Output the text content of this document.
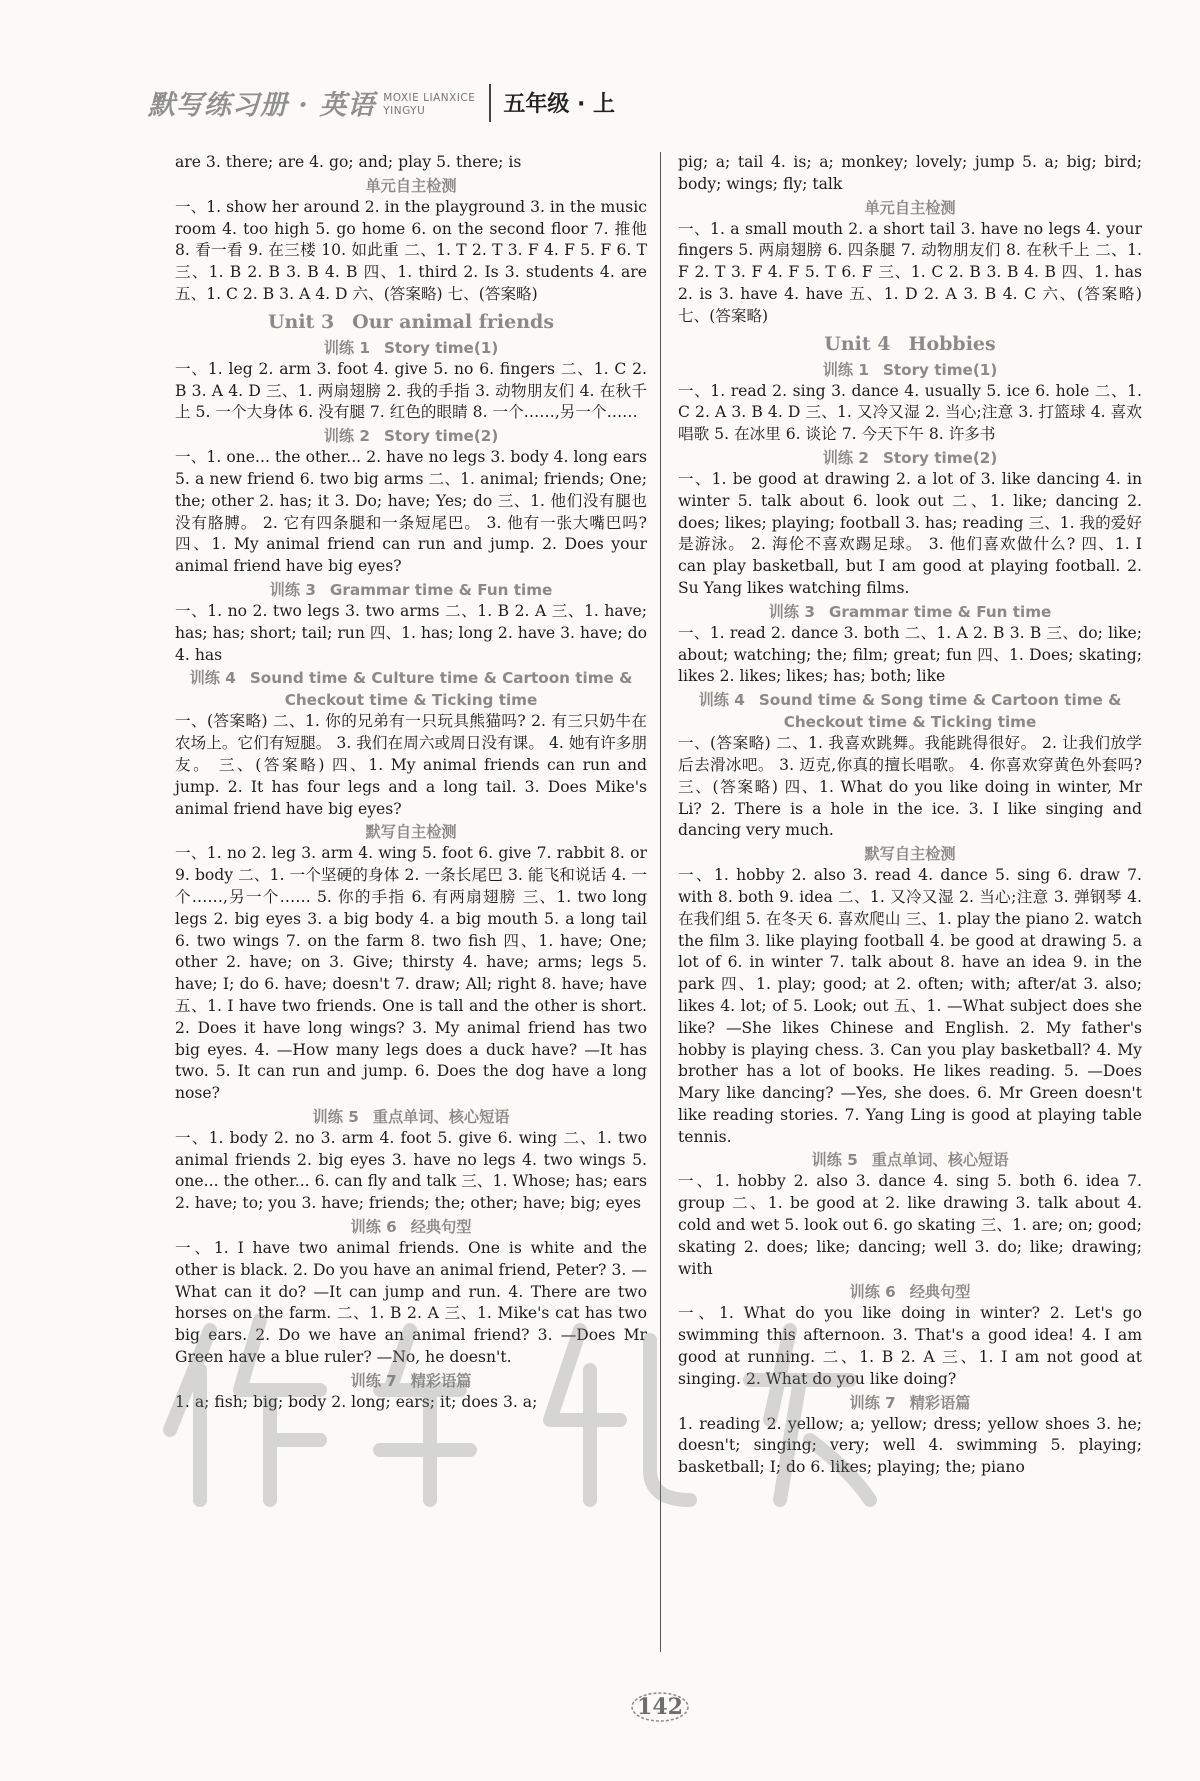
默写练习册 · 英语 MOXIE LIANXICE
YINGYU	五年级 · 上
are 3. there; are 4. go; and; play 5. there; is
单元自主检测
一、1. show her around 2. in the playground 3. in the music room 4. too high 5. go home 6. on the second floor 7. 推他 8. 看一看 9. 在三楼 10. 如此重 二、1. T 2. T 3. F 4. F 5. F 6. T 三、1. B 2. B 3. B 4. B 四、1. third 2. Is 3. students 4. are 五、1. C 2. B 3. A 4. D 六、(答案略) 七、(答案略)
Unit 3 Our animal friends
训练 1 Story time(1)
一、1. leg 2. arm 3. foot 4. give 5. no 6. fingers 二、1. C 2. B 3. A 4. D 三、1. 两扇翅膀 2. 我的手指 3. 动物朋友们 4. 在秋千上 5. 一个大身体 6. 没有腿 7. 红色的眼睛 8. 一个……,另一个……
训练 2 Story time(2)
一、1. one... the other... 2. have no legs 3. body 4. long ears 5. a new friend 6. two big arms 二、1. animal; friends; One; the; other 2. has; it 3. Do; have; Yes; do 三、1. 他们没有腿也没有胳膊。 2. 它有四条腿和一条短尾巴。 3. 他有一张大嘴巴吗? 四、1. My animal friend can run and jump. 2. Does your animal friend have big eyes?
训练 3 Grammar time & Fun time
一、1. no 2. two legs 3. two arms 二、1. B 2. A 三、1. have; has; has; short; tail; run 四、1. has; long 2. have 3. have; do 4. has
训练 4 Sound time & Culture time & Cartoon time & Checkout time & Ticking time
一、(答案略) 二、1. 你的兄弟有一只玩具熊猫吗? 2. 有三只奶牛在农场上。它们有短腿。 3. 我们在周六或周日没有课。 4. 她有许多朋友。 三、(答案略) 四、1. My animal friends can run and jump. 2. It has four legs and a long tail. 3. Does Mike's animal friend have big eyes?
默写自主检测
一、1. no 2. leg 3. arm 4. wing 5. foot 6. give 7. rabbit 8. or 9. body 二、1. 一个坚硬的身体 2. 一条长尾巴 3. 能飞和说话 4. 一个……,另一个…… 5. 你的手指 6. 有两扇翅膀 三、1. two long legs 2. big eyes 3. a big body 4. a big mouth 5. a long tail 6. two wings 7. on the farm 8. two fish 四、1. have; One; other 2. have; on 3. Give; thirsty 4. have; arms; legs 5. have; I; do 6. have; doesn't 7. draw; All; right 8. have; have 五、1. I have two friends. One is tall and the other is short. 2. Does it have long wings? 3. My animal friend has two big eyes. 4. —How many legs does a duck have? —It has two. 5. It can run and jump. 6. Does the dog have a long nose?
训练 5 重点单词、核心短语
一、1. body 2. no 3. arm 4. foot 5. give 6. wing 二、1. two animal friends 2. big eyes 3. have no legs 4. two wings 5. one... the other... 6. can fly and talk 三、1. Whose; has; ears 2. have; to; you 3. have; friends; the; other; have; big; eyes
训练 6 经典句型
一、1. I have two animal friends. One is white and the other is black. 2. Do you have an animal friend, Peter? 3. —What can it do? —It can jump and run. 4. There are two horses on the farm. 二、1. B 2. A 三、1. Mike's cat has two big ears. 2. Do we have an animal friend? 3. —Does Mr Green have a blue ruler? —No, he doesn't.
训练 7 精彩语篇
1. a; fish; big; body 2. long; ears; it; does 3. a;
pig; a; tail 4. is; a; monkey; lovely; jump 5. a; big; bird; body; wings; fly; talk
单元自主检测
一、1. a small mouth 2. a short tail 3. have no legs 4. your fingers 5. 两扇翅膀 6. 四条腿 7. 动物朋友们 8. 在秋千上 二、1. F 2. T 3. F 4. F 5. T 6. F 三、1. C 2. B 3. B 4. B 四、1. has 2. is 3. have 4. have 五、1. D 2. A 3. B 4. C 六、(答案略) 七、(答案略)
Unit 4 Hobbies
训练 1 Story time(1)
一、1. read 2. sing 3. dance 4. usually 5. ice 6. hole 二、1. C 2. A 3. B 4. D 三、1. 又冷又湿 2. 当心;注意 3. 打篮球 4. 喜欢唱歌 5. 在冰里 6. 谈论 7. 今天下午 8. 许多书
训练 2 Story time(2)
一、1. be good at drawing 2. a lot of 3. like dancing 4. in winter 5. talk about 6. look out 二、1. like; dancing 2. does; likes; playing; football 3. has; reading 三、1. 我的爱好是游泳。 2. 海伦不喜欢踢足球。 3. 他们喜欢做什么? 四、1. I can play basketball, but I am good at playing football. 2. Su Yang likes watching films.
训练 3 Grammar time & Fun time
一、1. read 2. dance 3. both 二、1. A 2. B 3. B 三、do; like; about; watching; the; film; great; fun 四、1. Does; skating; likes 2. likes; likes; has; both; like
训练 4 Sound time & Song time & Cartoon time & Checkout time & Ticking time
一、(答案略) 二、1. 我喜欢跳舞。我能跳得很好。 2. 让我们放学后去滑冰吧。 3. 迈克,你真的擅长唱歌。 4. 你喜欢穿黄色外套吗? 三、(答案略) 四、1. What do you like doing in winter, Mr Li? 2. There is a hole in the ice. 3. I like singing and dancing very much.
默写自主检测
一、1. hobby 2. also 3. read 4. dance 5. sing 6. draw 7. with 8. both 9. idea 二、1. 又冷又湿 2. 当心;注意 3. 弹钢琴 4. 在我们组 5. 在冬天 6. 喜欢爬山 三、1. play the piano 2. watch the film 3. like playing football 4. be good at drawing 5. a lot of 6. in winter 7. talk about 8. have an idea 9. in the park 四、1. play; good; at 2. often; with; after/at 3. also; likes 4. lot; of 5. Look; out 五、1. —What subject does she like? —She likes Chinese and English. 2. My father's hobby is playing chess. 3. Can you play basketball? 4. My brother has a lot of books. He likes reading. 5. —Does Mary like dancing? —Yes, she does. 6. Mr Green doesn't like reading stories. 7. Yang Ling is good at playing table tennis.
训练 5 重点单词、核心短语
一、1. hobby 2. also 3. dance 4. sing 5. both 6. idea 7. group 二、1. be good at 2. like drawing 3. talk about 4. cold and wet 5. look out 6. go skating 三、1. are; on; good; skating 2. does; like; dancing; well 3. do; like; drawing; with
训练 6 经典句型
一、1. What do you like doing in winter? 2. Let's go swimming this afternoon. 3. That's a good idea! 4. I am good at running. 二、1. B 2. A 三、1. I am not good at singing. 2. What do you like doing?
训练 7 精彩语篇
1. reading 2. yellow; a; yellow; dress; yellow shoes 3. he; doesn't; singing; very; well 4. swimming 5. playing; basketball; I; do 6. likes; playing; the; piano
142
